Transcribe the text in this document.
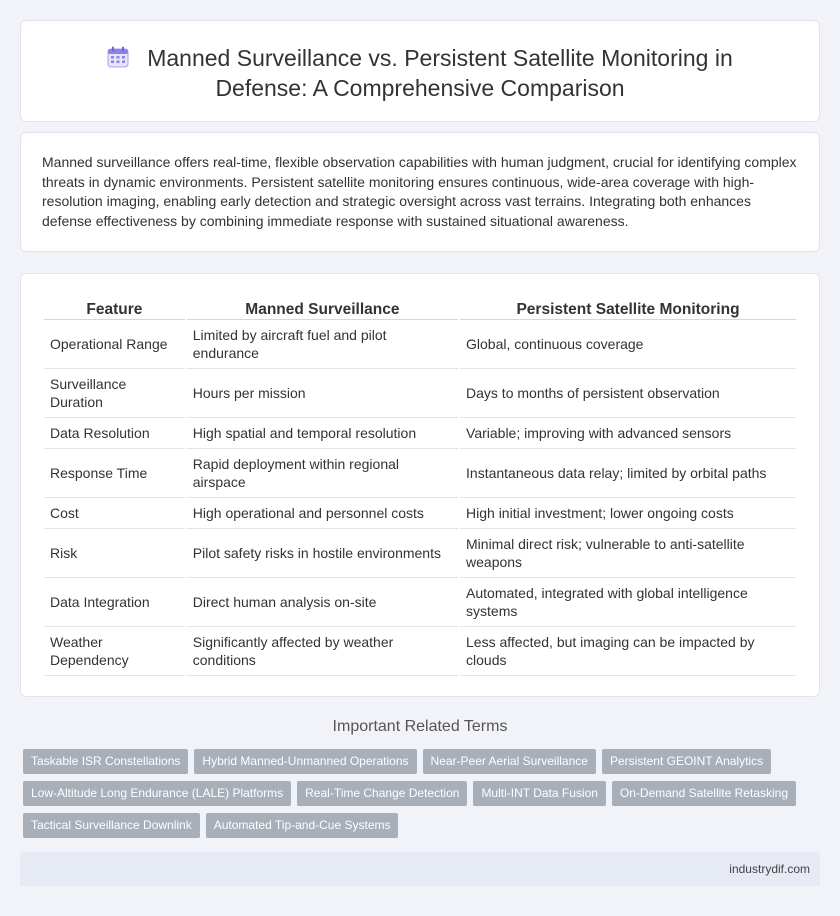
Manned Surveillance vs. Persistent Satellite Monitoring in
Defense: A Comprehensive Comparison

Manned surveillance offers real-time, flexible observation capabilities with human judgment, crucial for identifying complex threats in dynamic environments. Persistent satellite monitoring ensures continuous, wide-area coverage with high-resolution imaging, enabling early detection and strategic oversight across vast terrains. Integrating both enhances defense effectiveness by combining immediate response with sustained situational awareness.

Feature	Manned Surveillance	Persistent Satellite Monitoring
Operational Range	Limited by aircraft fuel and pilot endurance	Global, continuous coverage
Surveillance Duration	Hours per mission	Days to months of persistent observation
Data Resolution	High spatial and temporal resolution	Variable; improving with advanced sensors
Response Time	Rapid deployment within regional airspace	Instantaneous data relay; limited by orbital paths
Cost	High operational and personnel costs	High initial investment; lower ongoing costs
Risk	Pilot safety risks in hostile environments	Minimal direct risk; vulnerable to anti-satellite weapons
Data Integration	Direct human analysis on-site	Automated, integrated with global intelligence systems
Weather Dependency	Significantly affected by weather conditions	Less affected, but imaging can be impacted by clouds
Important Related Terms
Taskable ISR Constellations Hybrid Manned-Unmanned Operations Near-Peer Aerial Surveillance Persistent GEOINT Analytics
Low-Altitude Long Endurance (LALE) Platforms Real-Time Change Detection Multi-INT Data Fusion On-Demand Satellite Retasking
Tactical Surveillance Downlink Automated Tip-and-Cue Systems
industrydif.com
